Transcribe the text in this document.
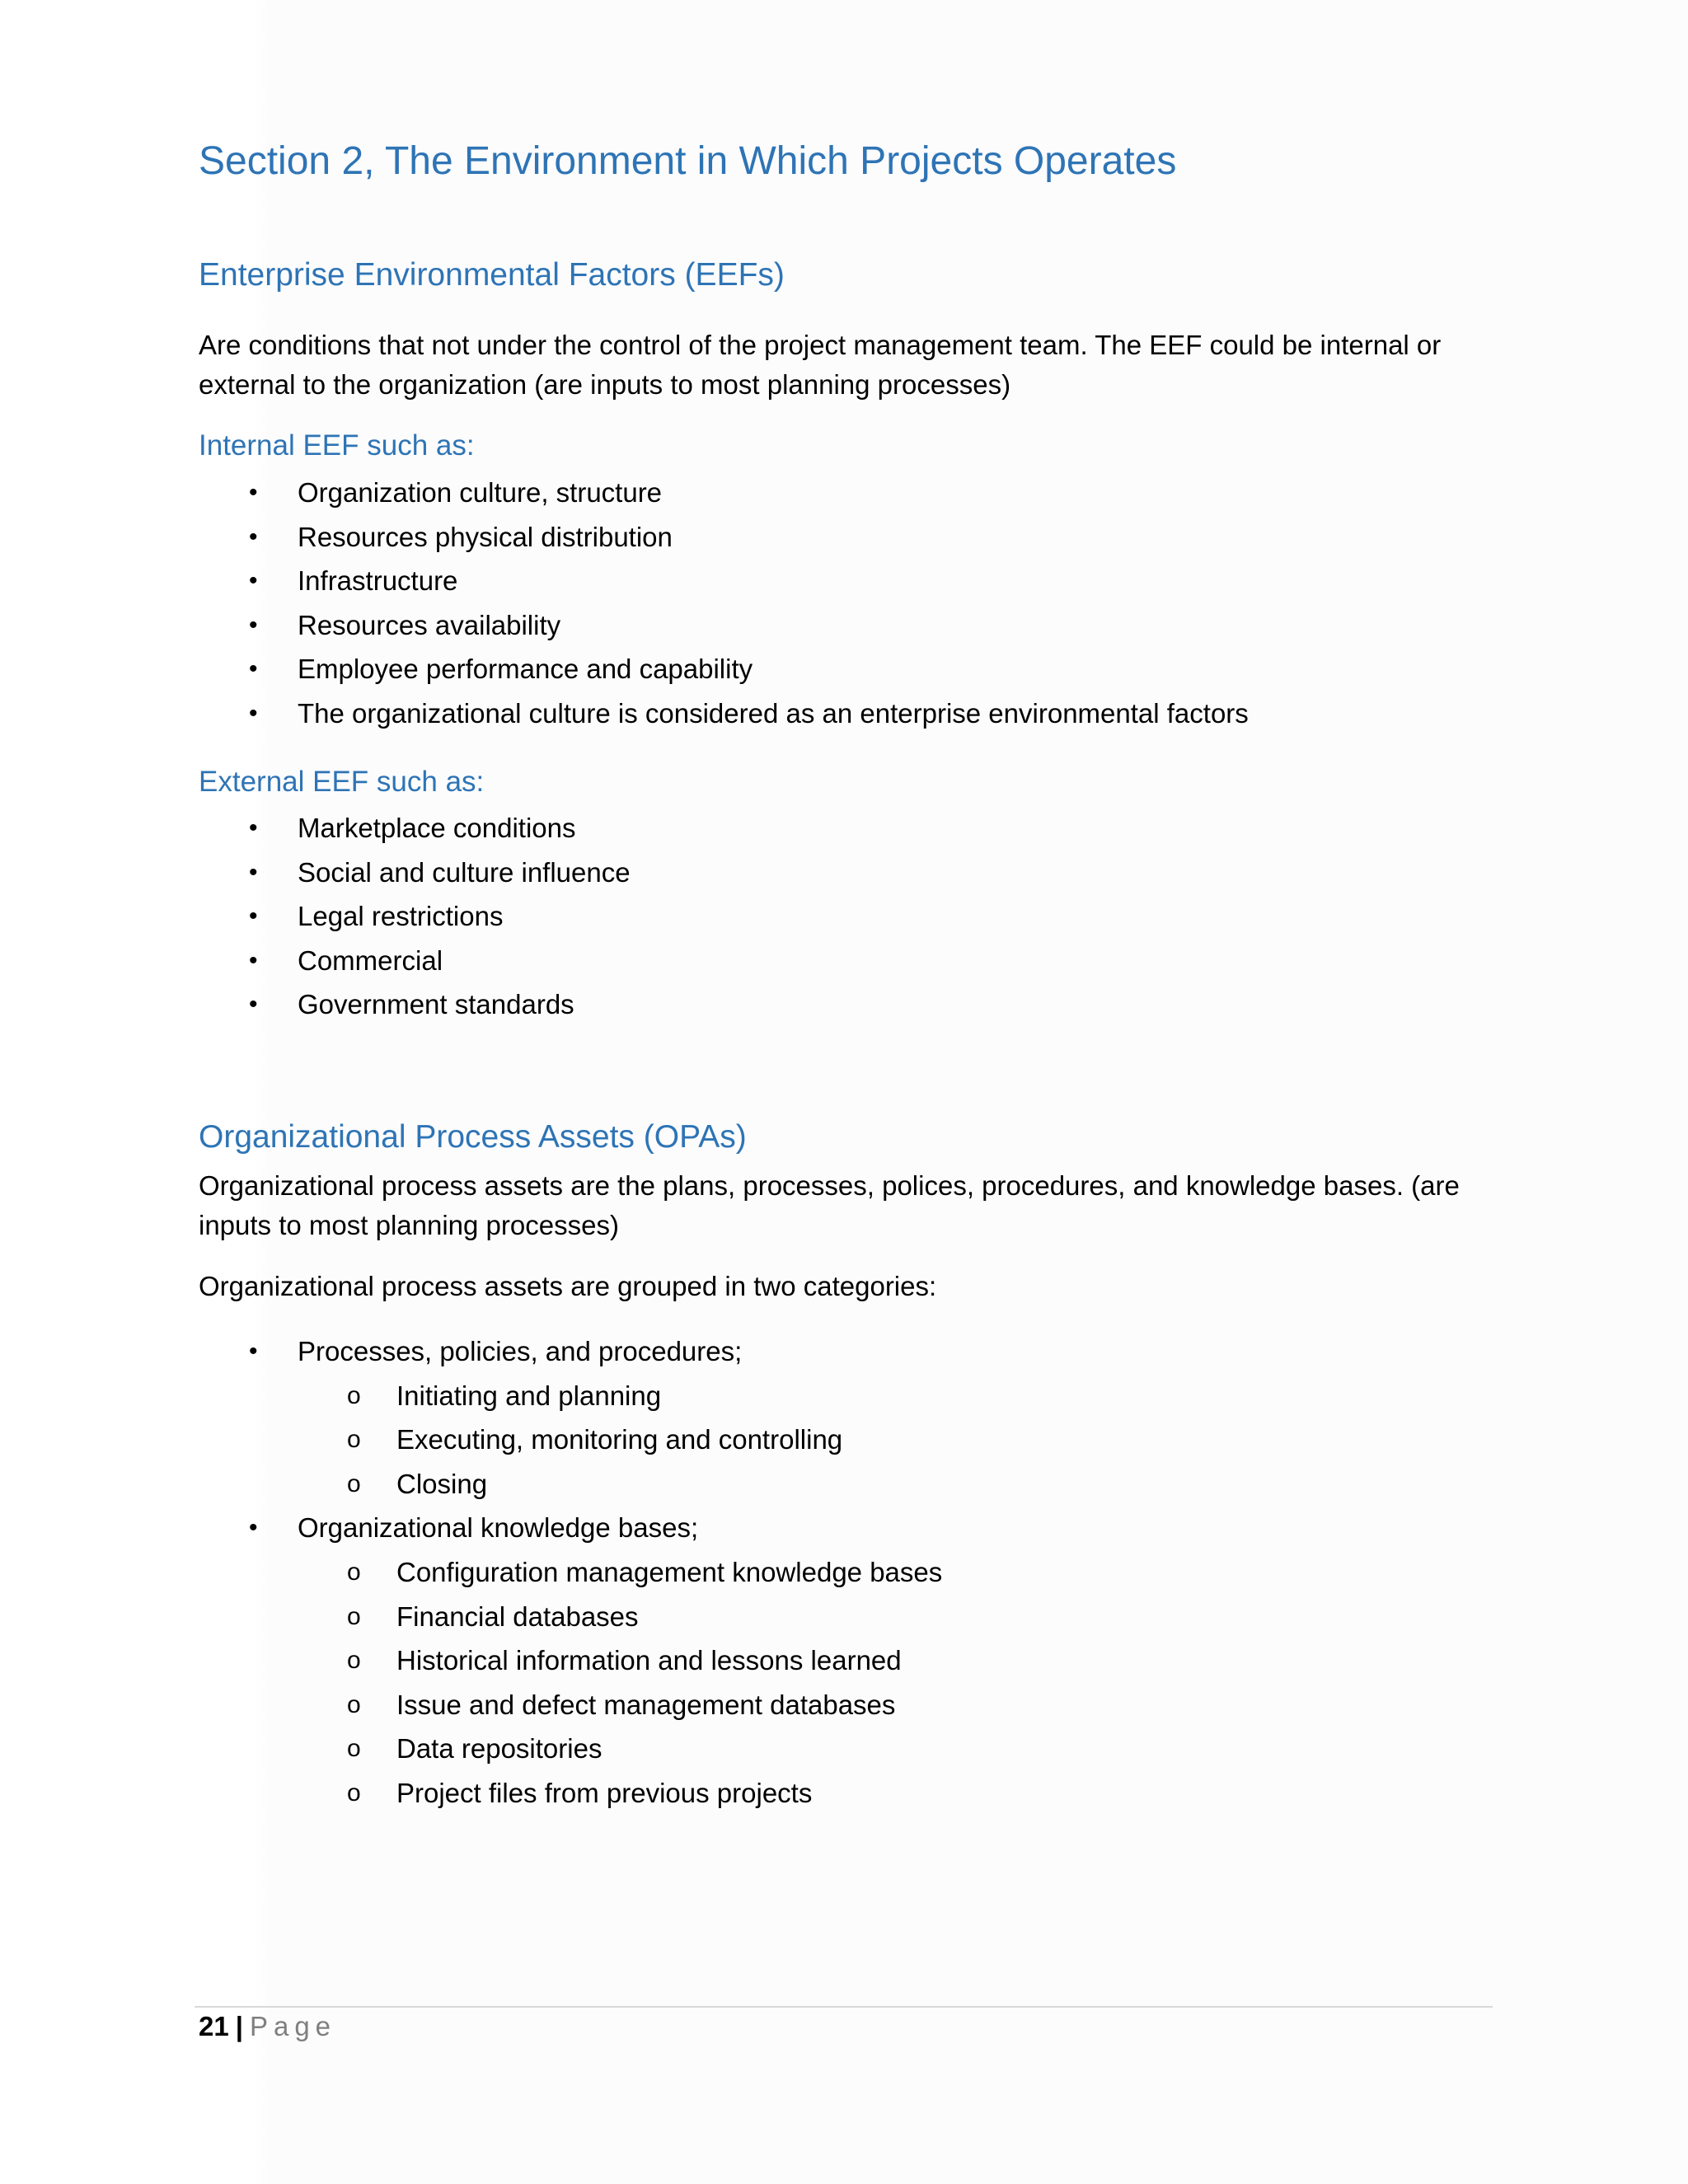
Section 2, The Environment in Which Projects Operates
Enterprise Environmental Factors (EEFs)

Are conditions that not under the control of the project management team. The EEF could be internal or external to the organization (are inputs to most planning processes)

Internal EEF such as:
• Organization culture, structure
• Resources physical distribution
• Infrastructure
• Resources availability
• Employee performance and capability
• The organizational culture is considered as an enterprise environmental factors
External EEF such as:
• Marketplace conditions
• Social and culture influence
• Legal restrictions
• Commercial
• Government standards
Organizational Process Assets (OPAs)

Organizational process assets are the plans, processes, polices, procedures, and knowledge bases. (are inputs to most planning processes)

Organizational process assets are grouped in two categories:

• Processes, policies, and procedures;
o Initiating and planning
o Executing, monitoring and controlling
o Closing
• Organizational knowledge bases;
o Configuration management knowledge bases
o Financial databases
o Historical information and lessons learned
o Issue and defect management databases
o Data repositories
o Project files from previous projects
21 | Page
